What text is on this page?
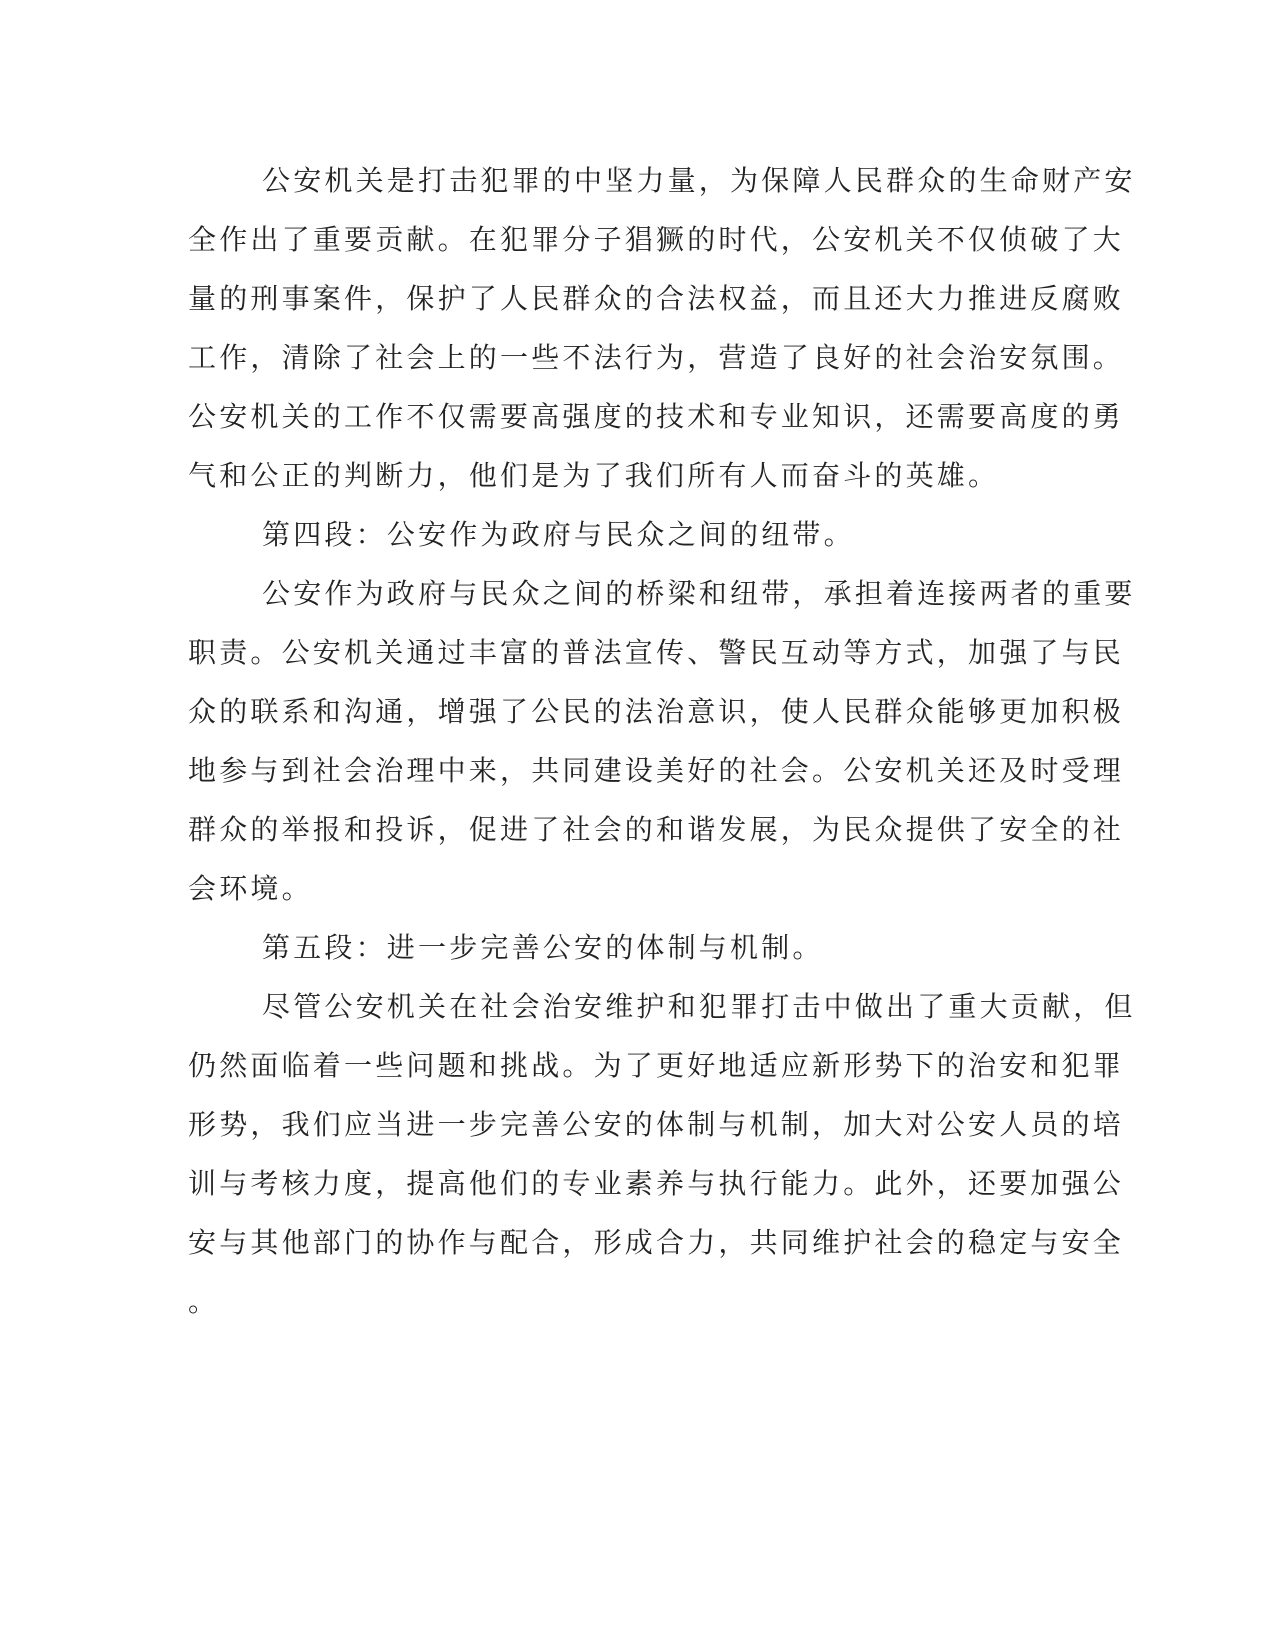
公安机关是打击犯罪的中坚力量，为保障人民群众的生命财产安
全作出了重要贡献。在犯罪分子猖獗的时代，公安机关不仅侦破了大
量的刑事案件，保护了人民群众的合法权益，而且还大力推进反腐败
工作，清除了社会上的一些不法行为，营造了良好的社会治安氛围。
公安机关的工作不仅需要高强度的技术和专业知识，还需要高度的勇
气和公正的判断力，他们是为了我们所有人而奋斗的英雄。
第四段：公安作为政府与民众之间的纽带。
公安作为政府与民众之间的桥梁和纽带，承担着连接两者的重要
职责。公安机关通过丰富的普法宣传、警民互动等方式，加强了与民
众的联系和沟通，增强了公民的法治意识，使人民群众能够更加积极
地参与到社会治理中来，共同建设美好的社会。公安机关还及时受理
群众的举报和投诉，促进了社会的和谐发展，为民众提供了安全的社
会环境。
第五段：进一步完善公安的体制与机制。
尽管公安机关在社会治安维护和犯罪打击中做出了重大贡献，但
仍然面临着一些问题和挑战。为了更好地适应新形势下的治安和犯罪
形势，我们应当进一步完善公安的体制与机制，加大对公安人员的培
训与考核力度，提高他们的专业素养与执行能力。此外，还要加强公
安与其他部门的协作与配合，形成合力，共同维护社会的稳定与安全
。
